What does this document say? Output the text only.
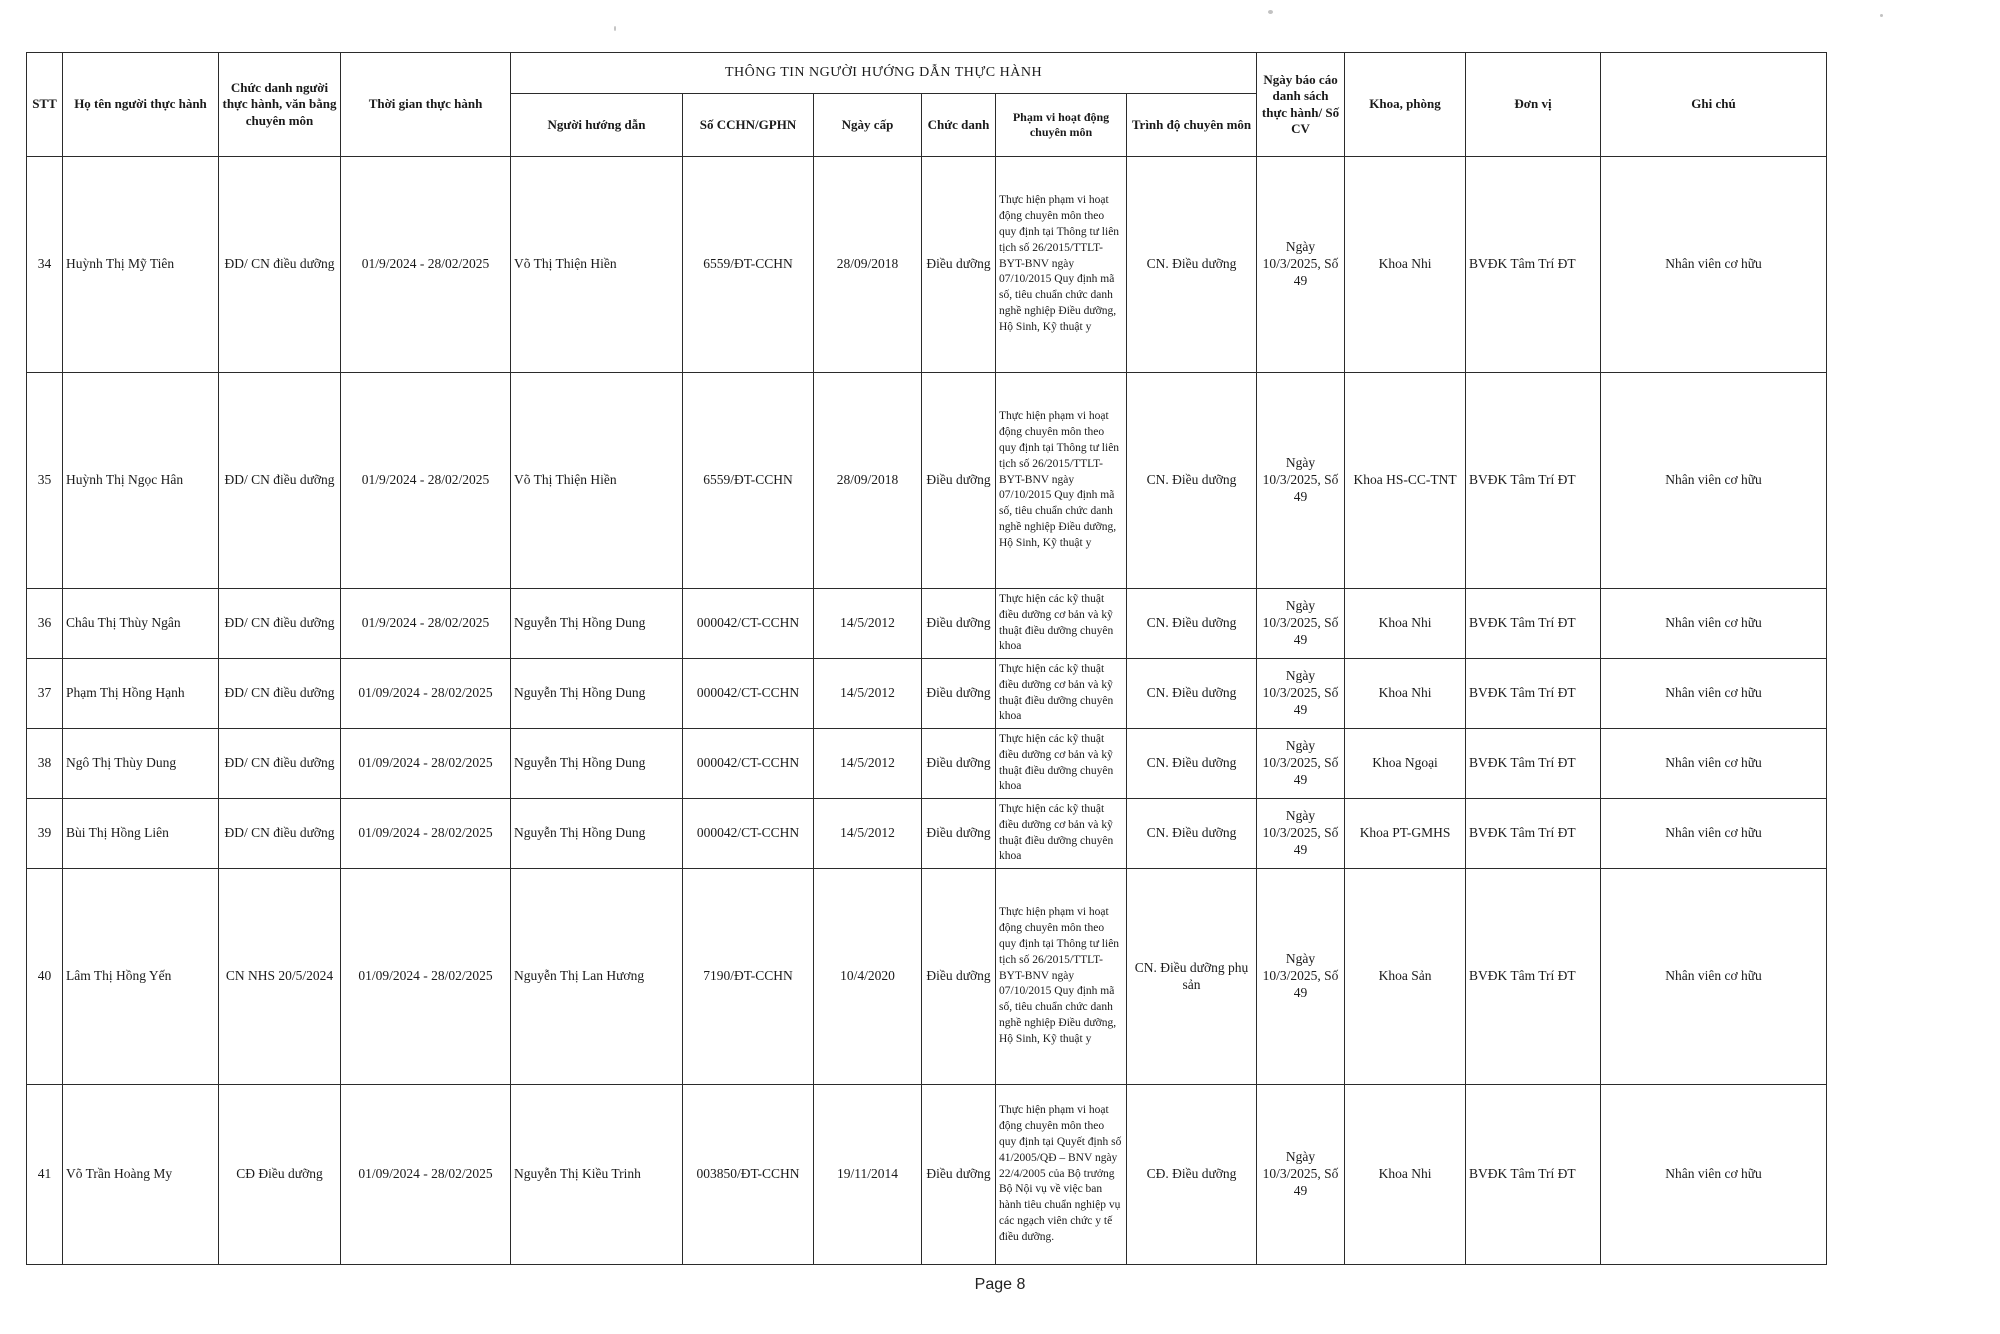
STT	Họ tên người thực hành	Chức danh người thực hành, văn bằng chuyên môn	Thời gian thực hành	THÔNG TIN NGƯỜI HƯỚNG DẪN THỰC HÀNH						Ngày báo cáo danh sách thực hành/ Số CV	Khoa, phòng	Đơn vị	Ghi chú
				Người hướng dẫn	Số CCHN/GPHN	Ngày cấp	Chức danh	Phạm vi hoạt động chuyên môn	Trình độ chuyên môn				
34	Huỳnh Thị Mỹ Tiên	ĐD/ CN điều dưỡng	01/9/2024 - 28/02/2025	Võ Thị Thiện Hiền	6559/ĐT-CCHN	28/09/2018	Điều dưỡng	Thực hiện phạm vi hoạt động chuyên môn theo quy định tại Thông tư liên tịch số 26/2015/TTLT-BYT-BNV ngày 07/10/2015 Quy định mã số, tiêu chuẩn chức danh nghề nghiệp Điều dưỡng, Hộ Sinh, Kỹ thuật y	CN. Điều dưỡng	Ngày 10/3/2025, Số 49	Khoa Nhi	BVĐK Tâm Trí ĐT	Nhân viên cơ hữu
35	Huỳnh Thị Ngọc Hân	ĐD/ CN điều dưỡng	01/9/2024 - 28/02/2025	Võ Thị Thiện Hiền	6559/ĐT-CCHN	28/09/2018	Điều dưỡng	Thực hiện phạm vi hoạt động chuyên môn theo quy định tại Thông tư liên tịch số 26/2015/TTLT-BYT-BNV ngày 07/10/2015 Quy định mã số, tiêu chuẩn chức danh nghề nghiệp Điều dưỡng, Hộ Sinh, Kỹ thuật y	CN. Điều dưỡng	Ngày 10/3/2025, Số 49	Khoa HS-CC-TNT	BVĐK Tâm Trí ĐT	Nhân viên cơ hữu
36	Châu Thị Thùy Ngân	ĐD/ CN điều dưỡng	01/9/2024 - 28/02/2025	Nguyễn Thị Hồng Dung	000042/CT-CCHN	14/5/2012	Điều dưỡng	Thực hiện các kỹ thuật điều dưỡng cơ bản và kỹ thuật điều dưỡng chuyên khoa	CN. Điều dưỡng	Ngày 10/3/2025, Số 49	Khoa Nhi	BVĐK Tâm Trí ĐT	Nhân viên cơ hữu
37	Phạm Thị Hồng Hạnh	ĐD/ CN điều dưỡng	01/09/2024 - 28/02/2025	Nguyễn Thị Hồng Dung	000042/CT-CCHN	14/5/2012	Điều dưỡng	Thực hiện các kỹ thuật điều dưỡng cơ bản và kỹ thuật điều dưỡng chuyên khoa	CN. Điều dưỡng	Ngày 10/3/2025, Số 49	Khoa Nhi	BVĐK Tâm Trí ĐT	Nhân viên cơ hữu
38	Ngô Thị Thùy Dung	ĐD/ CN điều dưỡng	01/09/2024 - 28/02/2025	Nguyễn Thị Hồng Dung	000042/CT-CCHN	14/5/2012	Điều dưỡng	Thực hiện các kỹ thuật điều dưỡng cơ bản và kỹ thuật điều dưỡng chuyên khoa	CN. Điều dưỡng	Ngày 10/3/2025, Số 49	Khoa Ngoại	BVĐK Tâm Trí ĐT	Nhân viên cơ hữu
39	Bùi Thị Hồng Liên	ĐD/ CN điều dưỡng	01/09/2024 - 28/02/2025	Nguyễn Thị Hồng Dung	000042/CT-CCHN	14/5/2012	Điều dưỡng	Thực hiện các kỹ thuật điều dưỡng cơ bản và kỹ thuật điều dưỡng chuyên khoa	CN. Điều dưỡng	Ngày 10/3/2025, Số 49	Khoa PT-GMHS	BVĐK Tâm Trí ĐT	Nhân viên cơ hữu
40	Lâm Thị Hồng Yến	CN NHS 20/5/2024	01/09/2024 - 28/02/2025	Nguyễn Thị Lan Hương	7190/ĐT-CCHN	10/4/2020	Điều dưỡng	Thực hiện phạm vi hoạt động chuyên môn theo quy định tại Thông tư liên tịch số 26/2015/TTLT-BYT-BNV ngày 07/10/2015 Quy định mã số, tiêu chuẩn chức danh nghề nghiệp Điều dưỡng, Hộ Sinh, Kỹ thuật y	CN. Điều dưỡng phụ sản	Ngày 10/3/2025, Số 49	Khoa Sản	BVĐK Tâm Trí ĐT	Nhân viên cơ hữu
41	Võ Trần Hoàng My	CĐ Điều dưỡng	01/09/2024 - 28/02/2025	Nguyễn Thị Kiều Trinh	003850/ĐT-CCHN	19/11/2014	Điều dưỡng	Thực hiện phạm vi hoạt động chuyên môn theo quy định tại Quyết định số 41/2005/QĐ – BNV ngày 22/4/2005 của Bộ trưởng Bộ Nội vụ về việc ban hành tiêu chuẩn nghiệp vụ các ngạch viên chức y tế điều dưỡng.	CĐ. Điều dưỡng	Ngày 10/3/2025, Số 49	Khoa Nhi	BVĐK Tâm Trí ĐT	Nhân viên cơ hữu
Page 8
